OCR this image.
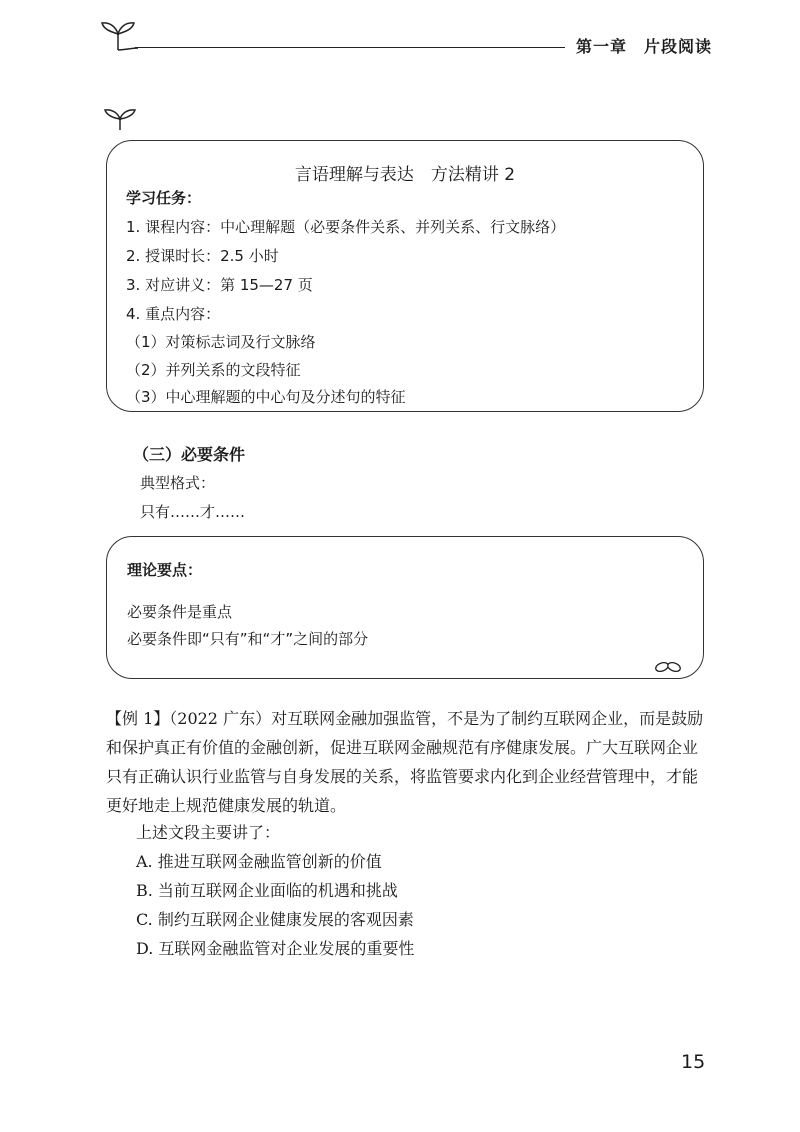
第一章　片段阅读
言语理解与表达　方法精讲 2
学习任务：
1. 课程内容：中心理解题（必要条件关系、并列关系、行文脉络）
2. 授课时长：2.5 小时
3. 对应讲义：第 15—27 页
4. 重点内容：
（1）对策标志词及行文脉络
（2）并列关系的文段特征
（3）中心理解题的中心句及分述句的特征
（三）必要条件
典型格式：
只有……才……
理论要点：
必要条件是重点
必要条件即“只有”和“才”之间的部分

【例 1】（2022 广东）对互联网金融加强监管，不是为了制约互联网企业，而是鼓励和保护真正有价值的金融创新，促进互联网金融规范有序健康发展。广大互联网企业只有正确认识行业监管与自身发展的关系，将监管要求内化到企业经营管理中，才能更好地走上规范健康发展的轨道。

上述文段主要讲了：
A. 推进互联网金融监管创新的价值
B. 当前互联网企业面临的机遇和挑战
C. 制约互联网企业健康发展的客观因素
D. 互联网金融监管对企业发展的重要性
15
